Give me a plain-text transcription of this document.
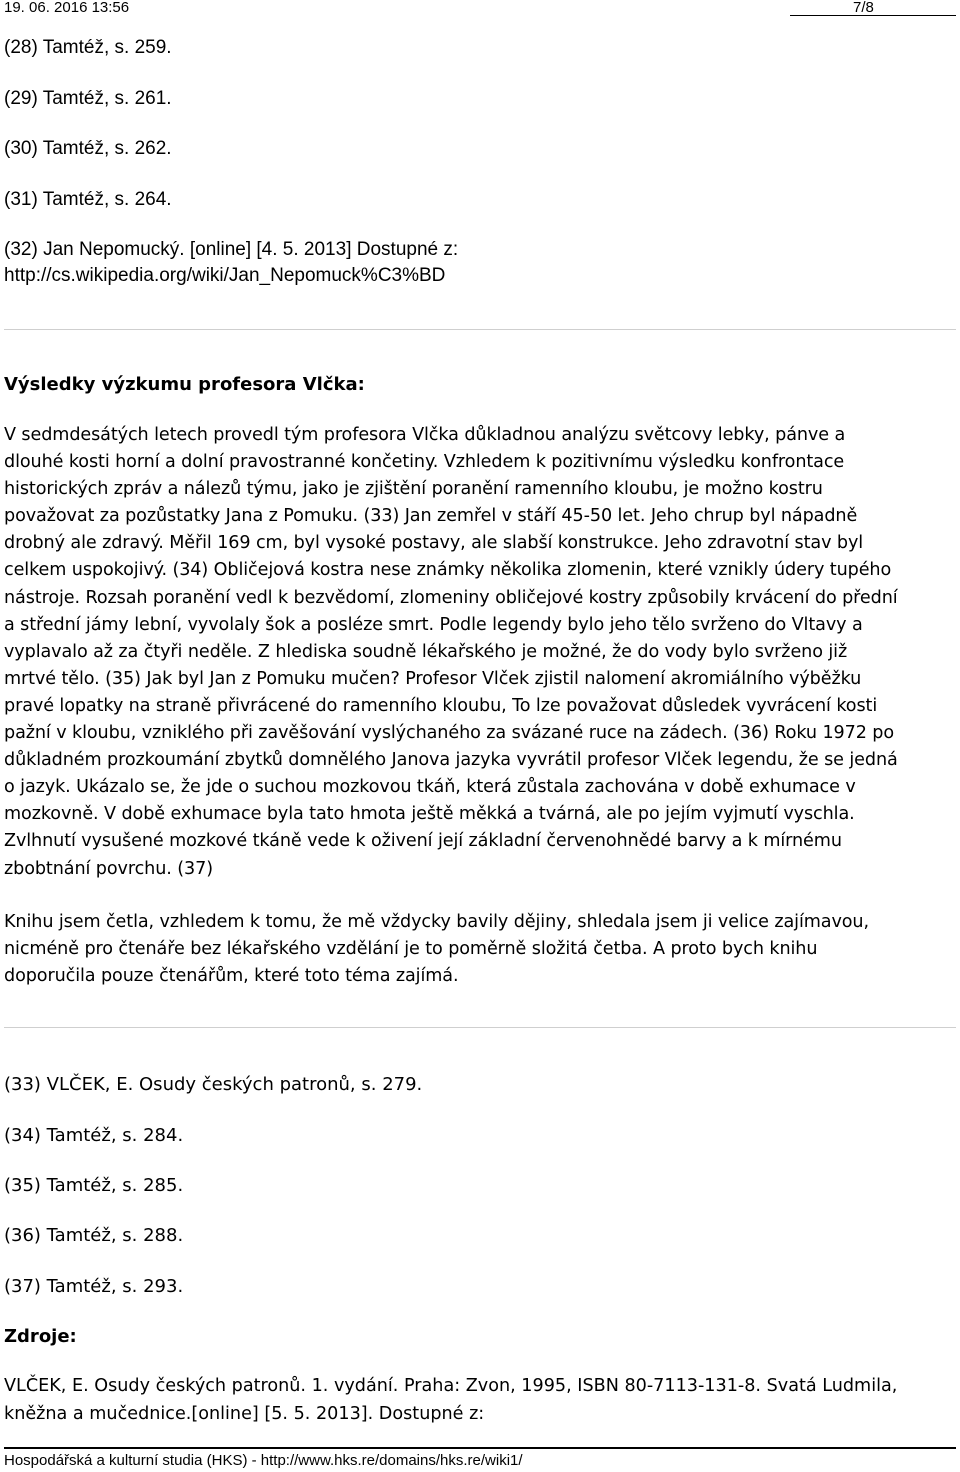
19. 06. 2016 13:56	7/8
(28) Tamtéž, s. 259.
(29) Tamtéž, s. 261.
(30) Tamtéž, s. 262.
(31) Tamtéž, s. 264.
(32) Jan Nepomucký. [online] [4. 5. 2013] Dostupné z:
http://cs.wikipedia.org/wiki/Jan_Nepomuck%C3%BD
Výsledky výzkumu profesora Vlčka:
V sedmdesátých letech provedl tým profesora Vlčka důkladnou analýzu světcovy lebky, pánve a
dlouhé kosti horní a dolní pravostranné končetiny. Vzhledem k pozitivnímu výsledku konfrontace
historických zpráv a nálezů týmu, jako je zjištění poranění ramenního kloubu, je možno kostru
považovat za pozůstatky Jana z Pomuku. (33) Jan zemřel v stáří 45-50 let. Jeho chrup byl nápadně
drobný ale zdravý. Měřil 169 cm, byl vysoké postavy, ale slabší konstrukce. Jeho zdravotní stav byl
celkem uspokojivý. (34) Obličejová kostra nese známky několika zlomenin, které vznikly údery tupého
nástroje. Rozsah poranění vedl k bezvědomí, zlomeniny obličejové kostry způsobily krvácení do přední
a střední jámy lební, vyvolaly šok a posléze smrt. Podle legendy bylo jeho tělo svrženo do Vltavy a
vyplavalo až za čtyři neděle. Z hlediska soudně lékařského je možné, že do vody bylo svrženo již
mrtvé tělo. (35) Jak byl Jan z Pomuku mučen? Profesor Vlček zjistil nalomení akromiálního výběžku
pravé lopatky na straně přivrácené do ramenního kloubu, To lze považovat důsledek vyvrácení kosti
pažní v kloubu, vzniklého při zavěšování vyslýchaného za svázané ruce na zádech. (36) Roku 1972 po
důkladném prozkoumání zbytků domnělého Janova jazyka vyvrátil profesor Vlček legendu, že se jedná
o jazyk. Ukázalo se, že jde o suchou mozkovou tkáň, která zůstala zachována v době exhumace v
mozkovně. V době exhumace byla tato hmota ještě měkká a tvárná, ale po jejím vyjmutí vyschla.
Zvlhnutí vysušené mozkové tkáně vede k oživení její základní červenohnědé barvy a k mírnému
zbobtnání povrchu. (37)
Knihu jsem četla, vzhledem k tomu, že mě vždycky bavily dějiny, shledala jsem ji velice zajímavou,
nicméně pro čtenáře bez lékařského vzdělání je to poměrně složitá četba. A proto bych knihu
doporučila pouze čtenářům, které toto téma zajímá.
(33) VLČEK, E. Osudy českých patronů, s. 279.
(34) Tamtéž, s. 284.
(35) Tamtéž, s. 285.
(36) Tamtéž, s. 288.
(37) Tamtéž, s. 293.
Zdroje:
VLČEK, E. Osudy českých patronů. 1. vydání. Praha: Zvon, 1995, ISBN 80-7113-131-8. Svatá Ludmila,
kněžna a mučednice.[online] [5. 5. 2013]. Dostupné z:
Hospodářská a kulturní studia (HKS) - http://www.hks.re/domains/hks.re/wiki1/
